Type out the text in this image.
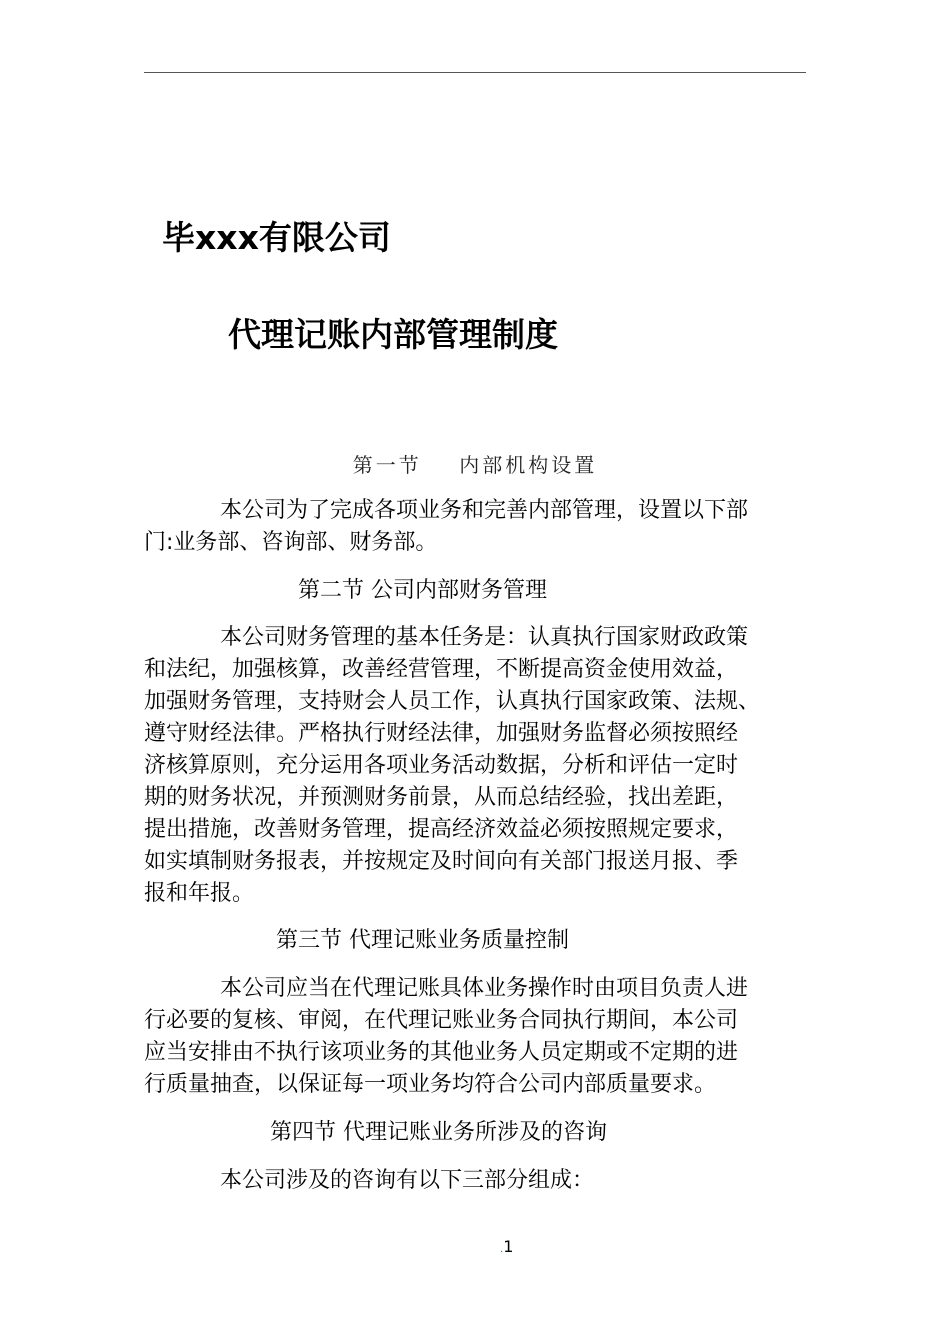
毕xxx有限公司
代理记账内部管理制度
第一节    内部机构设置
本公司为了完成各项业务和完善内部管理，设置以下部
门:业务部、咨询部、财务部。
第二节 公司内部财务管理
本公司财务管理的基本任务是：认真执行国家财政政策
和法纪，加强核算，改善经营管理，不断提高资金使用效益，
加强财务管理，支持财会人员工作，认真执行国家政策、法规、
遵守财经法律。严格执行财经法律，加强财务监督必须按照经
济核算原则，充分运用各项业务活动数据，分析和评估一定时
期的财务状况，并预测财务前景，从而总结经验，找出差距，
提出措施，改善财务管理，提高经济效益必须按照规定要求，
如实填制财务报表，并按规定及时间向有关部门报送月报、季
报和年报。
第三节 代理记账业务质量控制
本公司应当在代理记账具体业务操作时由项目负责人进
行必要的复核、审阅，在代理记账业务合同执行期间，本公司
应当安排由不执行该项业务的其他业务人员定期或不定期的进
行质量抽查，以保证每一项业务均符合公司内部质量要求。
第四节 代理记账业务所涉及的咨询
本公司涉及的咨询有以下三部分组成：
.1
